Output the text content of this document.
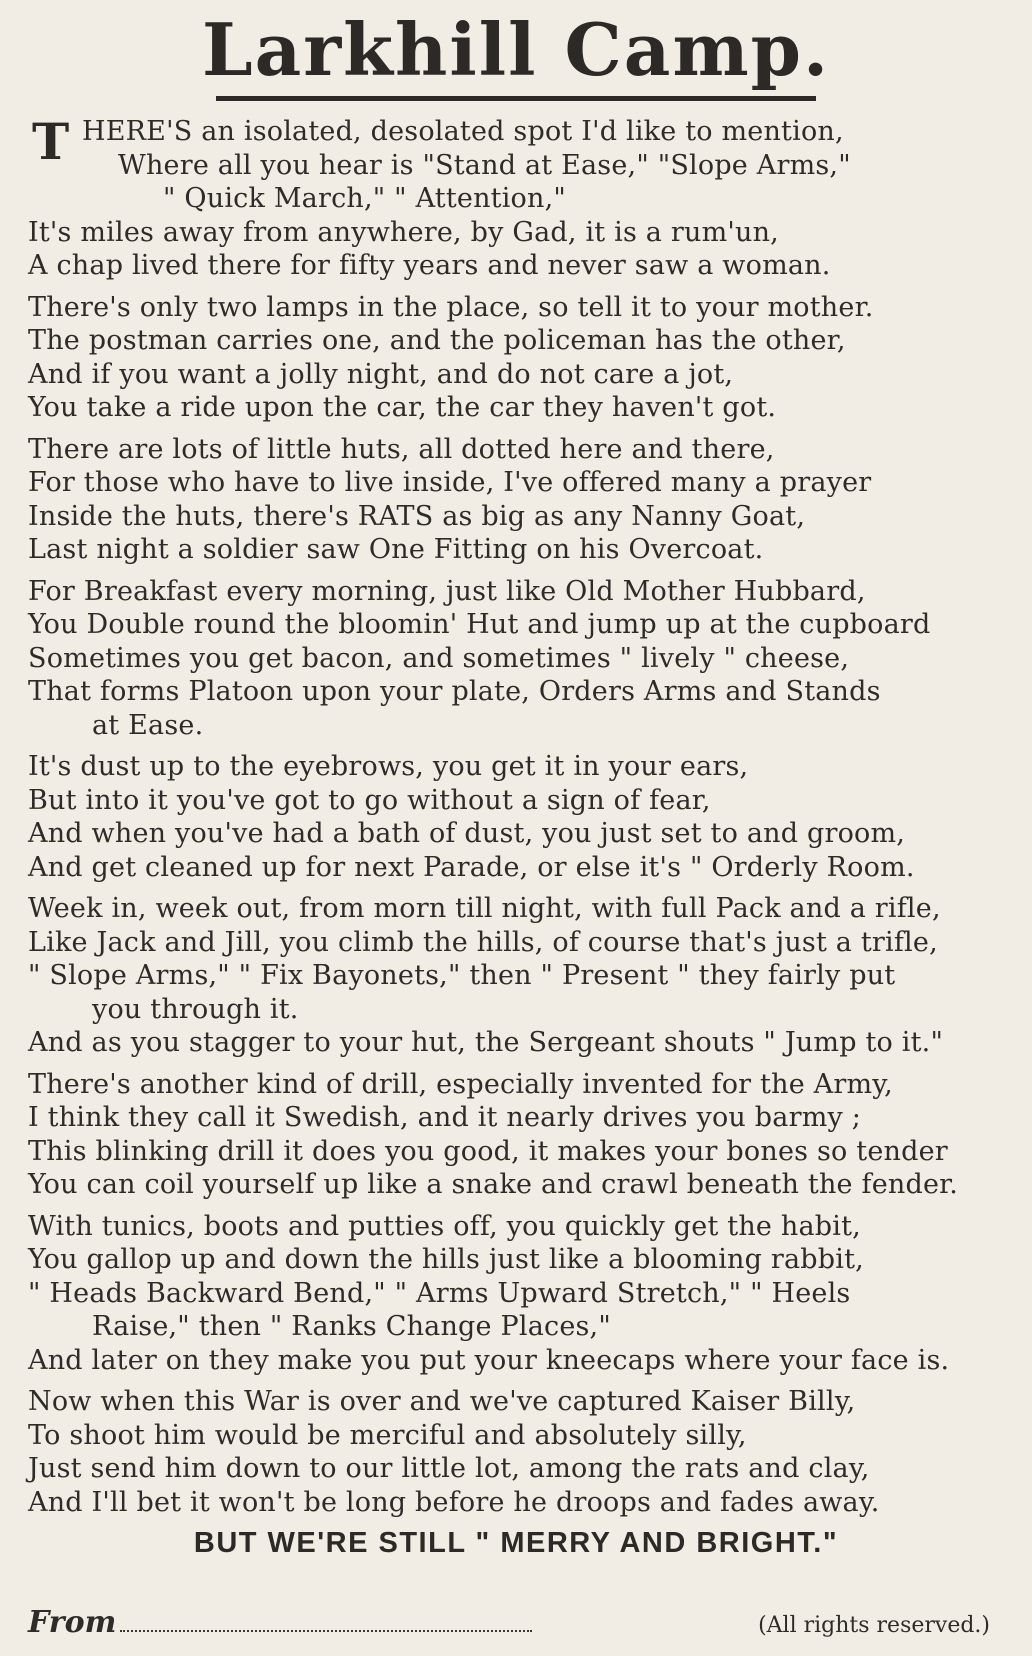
Larkhill Camp.
T HERE'S an isolated, desolated spot I'd like to mention,
Where all you hear is "Stand at Ease," "Slope Arms,"
" Quick March," " Attention,"
It's miles away from anywhere, by Gad, it is a rum'un,
A chap lived there for fifty years and never saw a woman.
There's only two lamps in the place, so tell it to your mother.
The postman carries one, and the policeman has the other,
And if you want a jolly night, and do not care a jot,
You take a ride upon the car, the car they haven't got.
There are lots of little huts, all dotted here and there,
For those who have to live inside, I've offered many a prayer
Inside the huts, there's RATS as big as any Nanny Goat,
Last night a soldier saw One Fitting on his Overcoat.
For Breakfast every morning, just like Old Mother Hubbard,
You Double round the bloomin' Hut and jump up at the cupboard
Sometimes you get bacon, and sometimes " lively " cheese,
That forms Platoon upon your plate, Orders Arms and Stands
at Ease.
It's dust up to the eyebrows, you get it in your ears,
But into it you've got to go without a sign of fear,
And when you've had a bath of dust, you just set to and groom,
And get cleaned up for next Parade, or else it's " Orderly Room.
Week in, week out, from morn till night, with full Pack and a rifle,
Like Jack and Jill, you climb the hills, of course that's just a trifle,
" Slope Arms," " Fix Bayonets," then " Present " they fairly put
you through it.
And as you stagger to your hut, the Sergeant shouts " Jump to it."
There's another kind of drill, especially invented for the Army,
I think they call it Swedish, and it nearly drives you barmy ;
This blinking drill it does you good, it makes your bones so tender
You can coil yourself up like a snake and crawl beneath the fender.
With tunics, boots and putties off, you quickly get the habit,
You gallop up and down the hills just like a blooming rabbit,
" Heads Backward Bend," " Arms Upward Stretch," " Heels
Raise," then " Ranks Change Places,"
And later on they make you put your kneecaps where your face is.
Now when this War is over and we've captured Kaiser Billy,
To shoot him would be merciful and absolutely silly,
Just send him down to our little lot, among the rats and clay,
And I'll bet it won't be long before he droops and fades away.
BUT WE'RE STILL " MERRY AND BRIGHT."
From	(All rights reserved.)
